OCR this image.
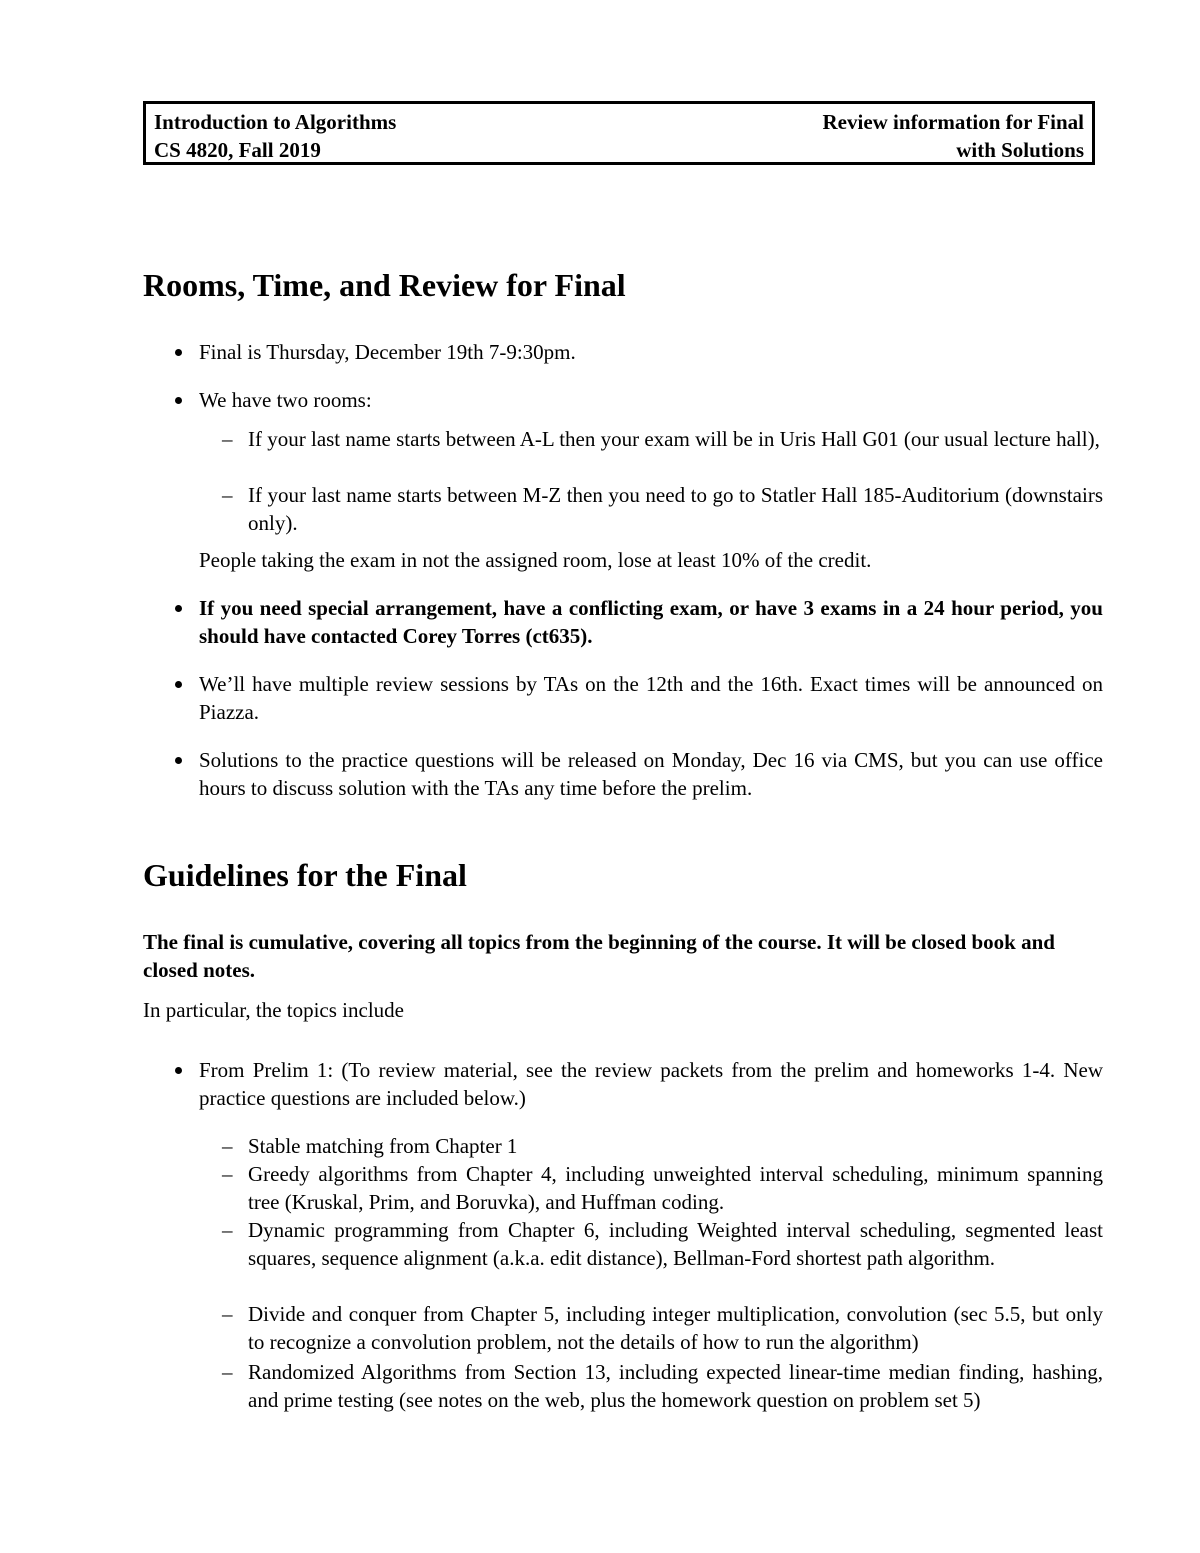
Introduction to Algorithms	Review information for Final
CS 4820, Fall 2019	with Solutions
Rooms, Time, and Review for Final
Final is Thursday, December 19th 7-9:30pm.
We have two rooms:
– If your last name starts between A-L then your exam will be in Uris Hall G01 (our usual lecture hall),
– If your last name starts between M-Z then you need to go to Statler Hall 185-Auditorium (downstairs only).
People taking the exam in not the assigned room, lose at least 10% of the credit.
If you need special arrangement, have a conflicting exam, or have 3 exams in a 24 hour period, you should have contacted Corey Torres (ct635).
We’ll have multiple review sessions by TAs on the 12th and the 16th. Exact times will be announced on Piazza.
Solutions to the practice questions will be released on Monday, Dec 16 via CMS, but you can use office hours to discuss solution with the TAs any time before the prelim.
Guidelines for the Final
The final is cumulative, covering all topics from the beginning of the course. It will be closed book and closed notes.
In particular, the topics include
From Prelim 1: (To review material, see the review packets from the prelim and homeworks 1-4. New practice questions are included below.)
– Stable matching from Chapter 1
– Greedy algorithms from Chapter 4, including unweighted interval scheduling, minimum spanning tree (Kruskal, Prim, and Boruvka), and Huffman coding.
– Dynamic programming from Chapter 6, including Weighted interval scheduling, segmented least squares, sequence alignment (a.k.a. edit distance), Bellman-Ford shortest path algorithm.
– Divide and conquer from Chapter 5, including integer multiplication, convolution (sec 5.5, but only to recognize a convolution problem, not the details of how to run the algorithm)
– Randomized Algorithms from Section 13, including expected linear-time median finding, hashing, and prime testing (see notes on the web, plus the homework question on problem set 5)
